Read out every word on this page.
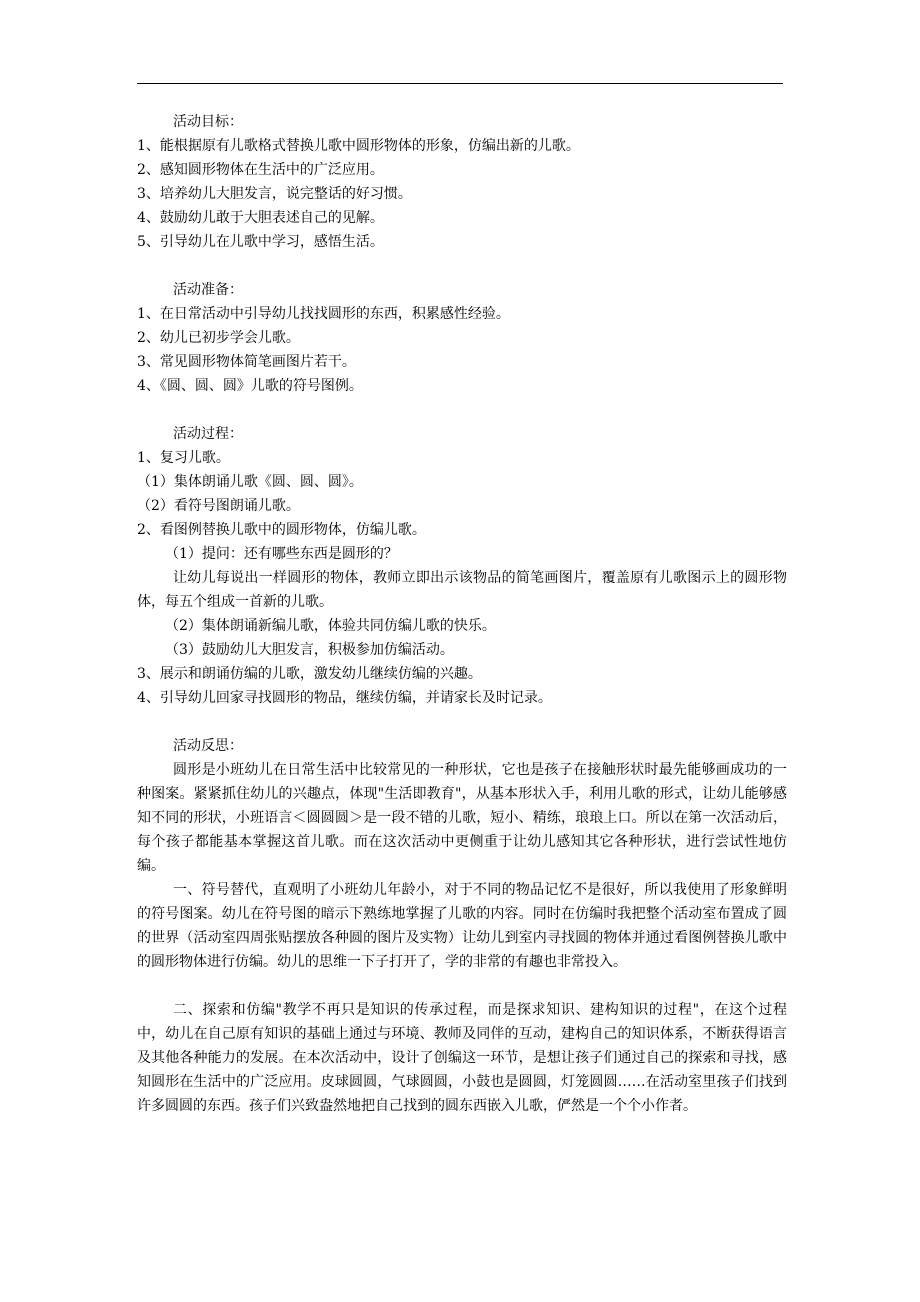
活动目标：
1、能根据原有儿歌格式替换儿歌中圆形物体的形象，仿编出新的儿歌。
2、感知圆形物体在生活中的广泛应用。
3、培养幼儿大胆发言，说完整话的好习惯。
4、鼓励幼儿敢于大胆表述自己的见解。
5、引导幼儿在儿歌中学习，感悟生活。
活动准备：
1、在日常活动中引导幼儿找找圆形的东西，积累感性经验。
2、幼儿已初步学会儿歌。
3、常见圆形物体简笔画图片若干。
4、《圆、圆、圆》儿歌的符号图例。
活动过程：
1、复习儿歌。
（1）集体朗诵儿歌《圆、圆、圆》。
（2）看符号图朗诵儿歌。
2、看图例替换儿歌中的圆形物体，仿编儿歌。
（1）提问：还有哪些东西是圆形的？

让幼儿每说出一样圆形的物体，教师立即出示该物品的简笔画图片，覆盖原有儿歌图示上的圆形物体，每五个组成一首新的儿歌。

（2）集体朗诵新编儿歌，体验共同仿编儿歌的快乐。
（3）鼓励幼儿大胆发言，积极参加仿编活动。
3、展示和朗诵仿编的儿歌，激发幼儿继续仿编的兴趣。
4、引导幼儿回家寻找圆形的物品，继续仿编，并请家长及时记录。
活动反思：

圆形是小班幼儿在日常生活中比较常见的一种形状，它也是孩子在接触形状时最先能够画成功的一种图案。紧紧抓住幼儿的兴趣点，体现"生活即教育"，从基本形状入手，利用儿歌的形式，让幼儿能够感知不同的形状，小班语言＜圆圆圆＞是一段不错的儿歌，短小、精练，琅琅上口。所以在第一次活动后，每个孩子都能基本掌握这首儿歌。而在这次活动中更侧重于让幼儿感知其它各种形状，进行尝试性地仿编。

一、符号替代，直观明了小班幼儿年龄小，对于不同的物品记忆不是很好，所以我使用了形象鲜明的符号图案。幼儿在符号图的暗示下熟练地掌握了儿歌的内容。同时在仿编时我把整个活动室布置成了圆的世界（活动室四周张贴摆放各种圆的图片及实物）让幼儿到室内寻找圆的物体并通过看图例替换儿歌中的圆形物体进行仿编。幼儿的思维一下子打开了，学的非常的有趣也非常投入。

二、探索和仿编"教学不再只是知识的传承过程，而是探求知识、建构知识的过程"，在这个过程中，幼儿在自己原有知识的基础上通过与环境、教师及同伴的互动，建构自己的知识体系，不断获得语言及其他各种能力的发展。在本次活动中，设计了创编这一环节，是想让孩子们通过自己的探索和寻找，感知圆形在生活中的广泛应用。皮球圆圆，气球圆圆，小鼓也是圆圆，灯笼圆圆……在活动室里孩子们找到许多圆圆的东西。孩子们兴致盎然地把自己找到的圆东西嵌入儿歌，俨然是一个个小作者。
